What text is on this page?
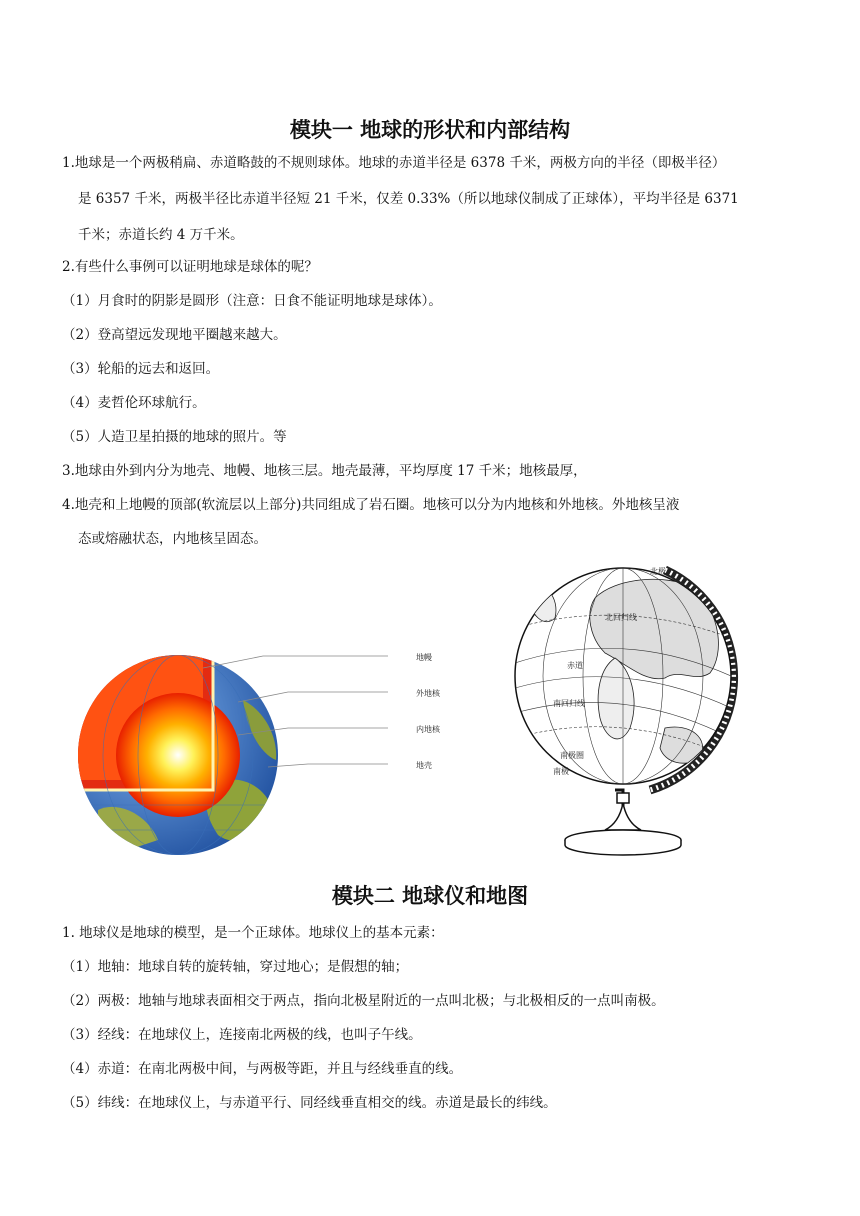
模块一 地球的形状和内部结构
1.地球是一个两极稍扁、赤道略鼓的不规则球体。地球的赤道半径是 6378 千米，两极方向的半径（即极半径）
是 6357 千米，两极半径比赤道半径短 21 千米，仅差 0.33%（所以地球仪制成了正球体），平均半径是 6371
千米；赤道长约 4 万千米。
2.有些什么事例可以证明地球是球体的呢？
（1）月食时的阴影是圆形（注意：日食不能证明地球是球体）。
（2）登高望远发现地平圈越来越大。
（3）轮船的远去和返回。
（4）麦哲伦环球航行。
（5）人造卫星拍摄的地球的照片。等
3.地球由外到内分为地壳、地幔、地核三层。地壳最薄，平均厚度 17 千米；地核最厚，
4.地壳和上地幔的顶部(软流层以上部分)共同组成了岩石圈。地核可以分为内地核和外地核。外地核呈液
态或熔融状态，内地核呈固态。
地幔
外地核
内地核
地壳
北极
北回归线
赤道
南回归线
南极圈
南极
模块二 地球仪和地图
1. 地球仪是地球的模型，是一个正球体。地球仪上的基本元素：
（1）地轴：地球自转的旋转轴，穿过地心；是假想的轴；
（2）两极：地轴与地球表面相交于两点，指向北极星附近的一点叫北极；与北极相反的一点叫南极。
（3）经线：在地球仪上，连接南北两极的线，也叫子午线。
（4）赤道：在南北两极中间，与两极等距，并且与经线垂直的线。
（5）纬线：在地球仪上，与赤道平行、同经线垂直相交的线。赤道是最长的纬线。
